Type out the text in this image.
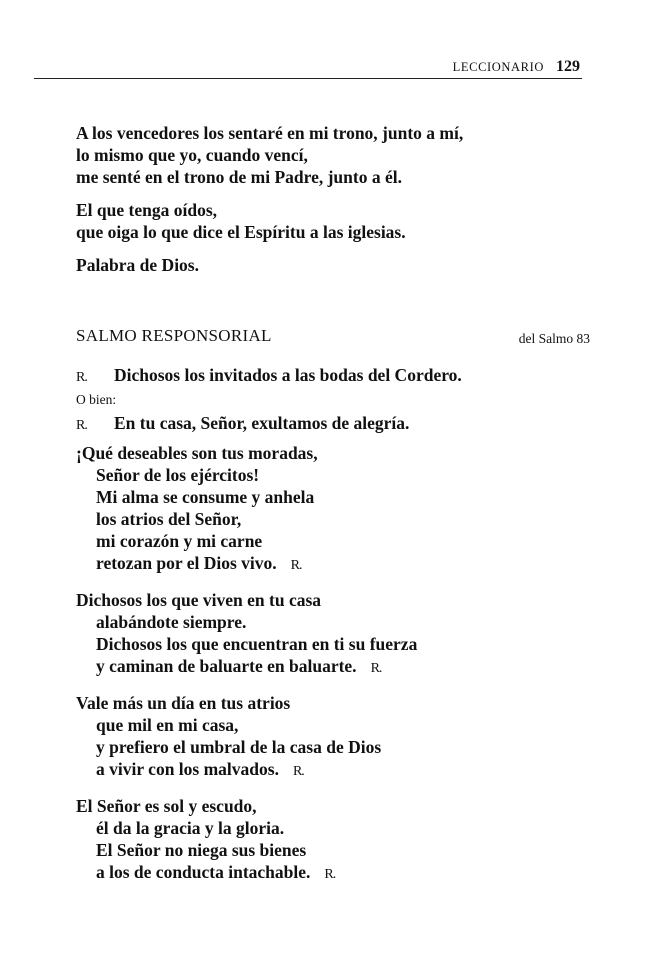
LECCIONARIO 129
A los vencedores los sentaré en mi trono, junto a mí,
lo mismo que yo, cuando vencí,
me senté en el trono de mi Padre, junto a él.
El que tenga oídos,
que oiga lo que dice el Espíritu a las iglesias.
Palabra de Dios.
SALMO RESPONSORIAL	del Salmo 83
R. Dichosos los invitados a las bodas del Cordero.
O bien:
R. En tu casa, Señor, exultamos de alegría.
¡Qué deseables son tus moradas,
Señor de los ejércitos!
Mi alma se consume y anhela
los atrios del Señor,
mi corazón y mi carne
retozan por el Dios vivo. R.
Dichosos los que viven en tu casa
alabándote siempre.
Dichosos los que encuentran en ti su fuerza
y caminan de baluarte en baluarte. R.
Vale más un día en tus atrios
que mil en mi casa,
y prefiero el umbral de la casa de Dios
a vivir con los malvados. R.
El Señor es sol y escudo,
él da la gracia y la gloria.
El Señor no niega sus bienes
a los de conducta intachable. R.
